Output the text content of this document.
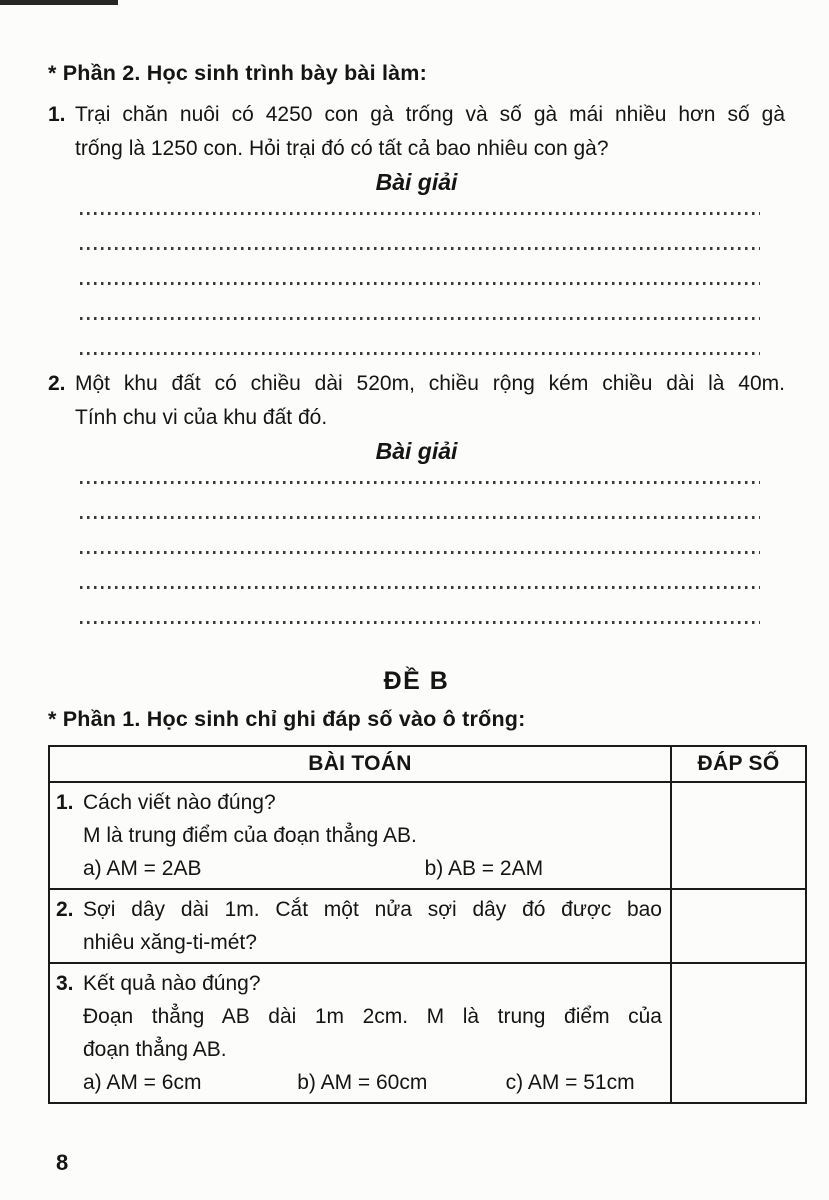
* Phần 2. Học sinh trình bày bài làm:
1. Trại chăn nuôi có 4250 con gà trống và số gà mái nhiều hơn số gà
trống là 1250 con. Hỏi trại đó có tất cả bao nhiêu con gà?
Bài giải
2. Một khu đất có chiều dài 520m, chiều rộng kém chiều dài là 40m.
Tính chu vi của khu đất đó.
Bài giải
ĐỀ B
* Phần 1. Học sinh chỉ ghi đáp số vào ô trống:
BÀI TOÁN	ĐÁP SỐ

1. Cách viết nào đúng?
M là trung điểm của đoạn thẳng AB.
a) AM = 2AB b) AB = 2AM	

2. Sợi dây dài 1m. Cắt một nửa sợi dây đó được bao
nhiêu xăng-ti-mét?	

3. Kết quả nào đúng?
Đoạn thẳng AB dài 1m 2cm. M là trung điểm của
đoạn thẳng AB.
a) AM = 6cm	b) AM = 60cm	c) AM = 51cm

8
